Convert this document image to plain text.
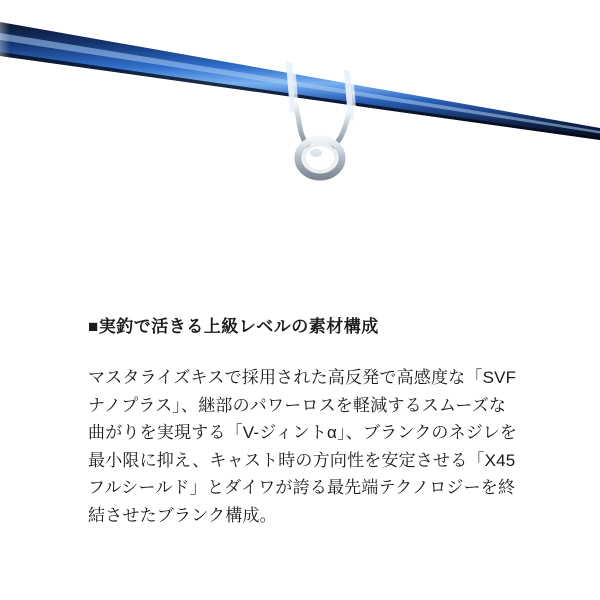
■実釣で活きる上級レベルの素材構成
マスタライズキスで採用された高反発で高感度な「SVFナノプラス」、継部のパワーロスを軽減するスムーズな曲がりを実現する「V-ジィントα」、ブランクのネジレを最小限に抑え、キャスト時の方向性を安定させる「X45フルシールド」とダイワが誇る最先端テクノロジーを終結させたブランク構成。
